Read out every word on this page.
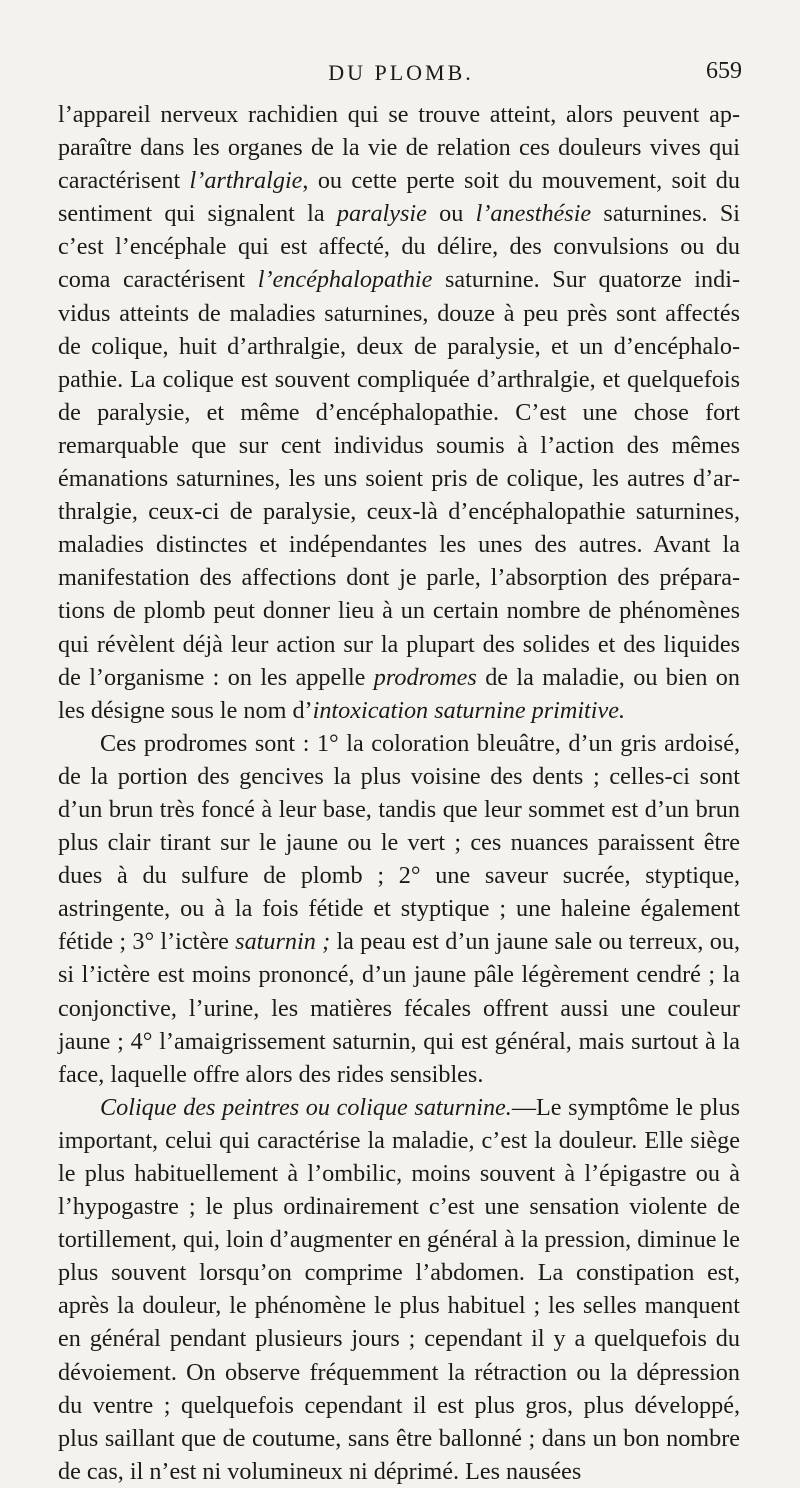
DU PLOMB.	659

l’appareil nerveux rachidien qui se trouve atteint, alors peuvent apparaître dans les organes de la vie de relation ces douleurs vives qui caractérisent l’arthralgie, ou cette perte soit du mouvement, soit du sentiment qui signalent la paralysie ou l’anesthésie saturnines. Si c’est l’encéphale qui est affecté, du délire, des convulsions ou du coma caractérisent l’encéphalopathie saturnine. Sur quatorze individus atteints de maladies saturnines, douze à peu près sont affectés de colique, huit d’arthralgie, deux de paralysie, et un d’encéphalopathie. La colique est souvent compliquée d’arthralgie, et quelquefois de paralysie, et même d’encéphalopathie. C’est une chose fort remarquable que sur cent individus soumis à l’action des mêmes émanations saturnines, les uns soient pris de colique, les autres d’arthralgie, ceux-ci de paralysie, ceux-là d’encéphalopathie saturnines, maladies distinctes et indépendantes les unes des autres. Avant la manifestation des affections dont je parle, l’absorption des préparations de plomb peut donner lieu à un certain nombre de phénomènes qui révèlent déjà leur action sur la plupart des solides et des liquides de l’organisme : on les appelle prodromes de la maladie, ou bien on les désigne sous le nom d’intoxication saturnine primitive.

Ces prodromes sont : 1° la coloration bleuâtre, d’un gris ardoisé, de la portion des gencives la plus voisine des dents ; celles-ci sont d’un brun très foncé à leur base, tandis que leur sommet est d’un brun plus clair tirant sur le jaune ou le vert ; ces nuances paraissent être dues à du sulfure de plomb ; 2° une saveur sucrée, styptique, astringente, ou à la fois fétide et styptique ; une haleine également fétide ; 3° l’ictère saturnin ; la peau est d’un jaune sale ou terreux, ou, si l’ictère est moins prononcé, d’un jaune pâle légèrement cendré ; la conjonctive, l’urine, les matières fécales offrent aussi une couleur jaune ; 4° l’amaigrissement saturnin, qui est général, mais surtout à la face, laquelle offre alors des rides sensibles.

Colique des peintres ou colique saturnine.—Le symptôme le plus important, celui qui caractérise la maladie, c’est la douleur. Elle siège le plus habituellement à l’ombilic, moins souvent à l’épigastre ou à l’hypogastre ; le plus ordinairement c’est une sensation violente de tortillement, qui, loin d’augmenter en général à la pression, diminue le plus souvent lorsqu’on comprime l’abdomen. La constipation est, après la douleur, le phénomène le plus habituel ; les selles manquent en général pendant plusieurs jours ; cependant il y a quelquefois du dévoiement. On observe fréquemment la rétraction ou la dépression du ventre ; quelquefois cependant il est plus gros, plus développé, plus saillant que de coutume, sans être ballonné ; dans un bon nombre de cas, il n’est ni volumineux ni déprimé. Les nausées
